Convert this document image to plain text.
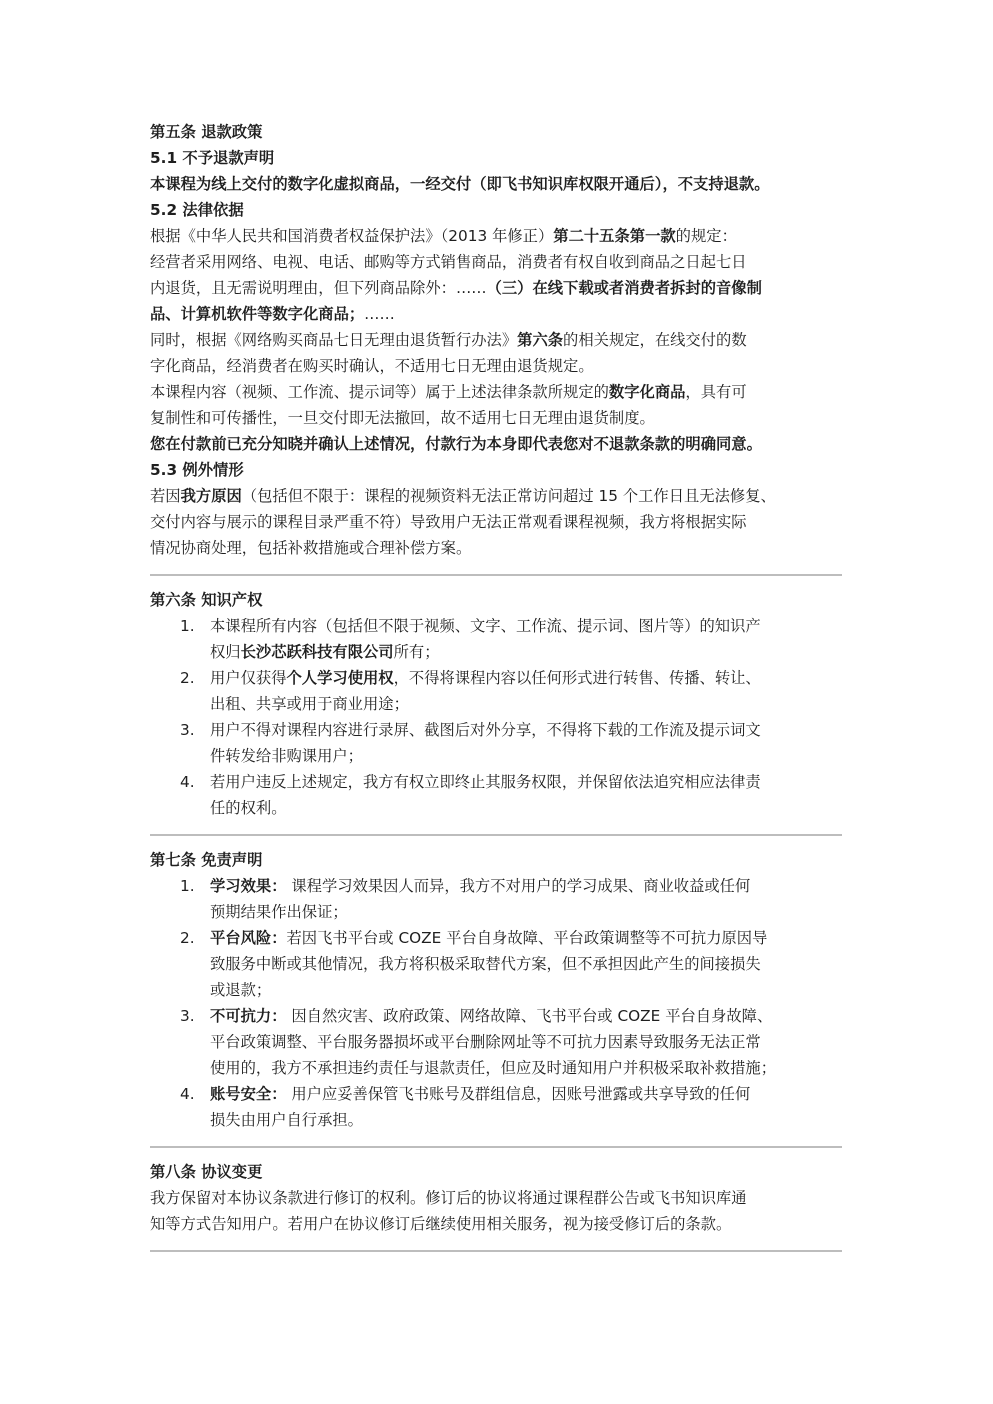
第五条 退款政策
5.1 不予退款声明
本课程为线上交付的数字化虚拟商品，一经交付（即飞书知识库权限开通后），不支持退款。
5.2 法律依据
根据《中华人民共和国消费者权益保护法》（2013 年修正）第二十五条第一款的规定：
经营者采用网络、电视、电话、邮购等方式销售商品，消费者有权自收到商品之日起七日
内退货，且无需说明理由，但下列商品除外：……（三）在线下载或者消费者拆封的音像制
品、计算机软件等数字化商品；……
同时，根据《网络购买商品七日无理由退货暂行办法》第六条的相关规定，在线交付的数
字化商品，经消费者在购买时确认，不适用七日无理由退货规定。
本课程内容（视频、工作流、提示词等）属于上述法律条款所规定的数字化商品，具有可
复制性和可传播性，一旦交付即无法撤回，故不适用七日无理由退货制度。
您在付款前已充分知晓并确认上述情况，付款行为本身即代表您对不退款条款的明确同意。
5.3 例外情形
若因我方原因（包括但不限于：课程的视频资料无法正常访问超过 15 个工作日且无法修复、
交付内容与展示的课程目录严重不符）导致用户无法正常观看课程视频，我方将根据实际
情况协商处理，包括补救措施或合理补偿方案。
第六条 知识产权
1. 本课程所有内容（包括但不限于视频、文字、工作流、提示词、图片等）的知识产
权归长沙芯跃科技有限公司所有；
2. 用户仅获得个人学习使用权，不得将课程内容以任何形式进行转售、传播、转让、
出租、共享或用于商业用途；
3. 用户不得对课程内容进行录屏、截图后对外分享，不得将下载的工作流及提示词文
件转发给非购课用户；
4. 若用户违反上述规定，我方有权立即终止其服务权限，并保留依法追究相应法律责
任的权利。
第七条 免责声明
1. 学习效果： 课程学习效果因人而异，我方不对用户的学习成果、商业收益或任何
预期结果作出保证；
2. 平台风险：若因飞书平台或 COZE 平台自身故障、平台政策调整等不可抗力原因导
致服务中断或其他情况，我方将积极采取替代方案，但不承担因此产生的间接损失
或退款；
3. 不可抗力： 因自然灾害、政府政策、网络故障、飞书平台或 COZE 平台自身故障、
平台政策调整、平台服务器损坏或平台删除网址等不可抗力因素导致服务无法正常
使用的，我方不承担违约责任与退款责任，但应及时通知用户并积极采取补救措施；
4. 账号安全： 用户应妥善保管飞书账号及群组信息，因账号泄露或共享导致的任何
损失由用户自行承担。
第八条 协议变更
我方保留对本协议条款进行修订的权利。修订后的协议将通过课程群公告或飞书知识库通
知等方式告知用户。若用户在协议修订后继续使用相关服务，视为接受修订后的条款。
